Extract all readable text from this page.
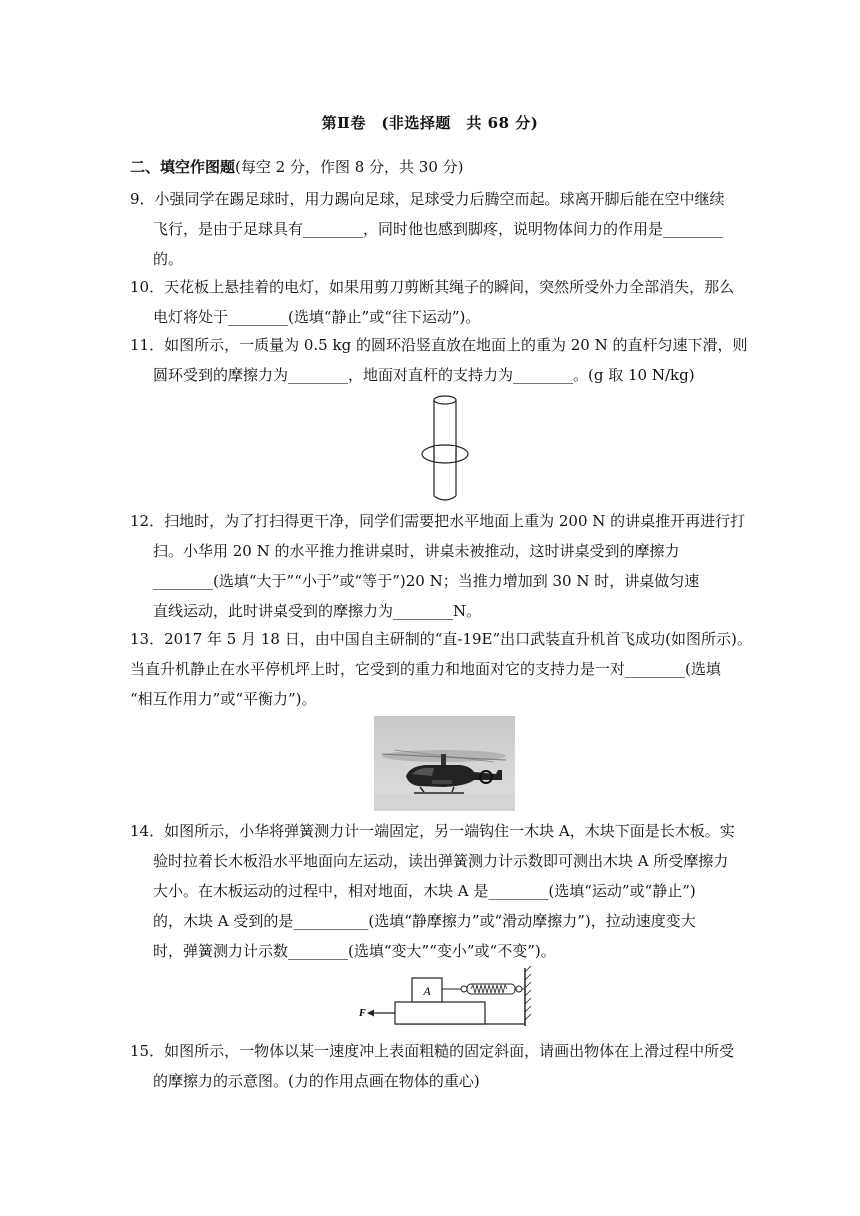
第Ⅱ卷　(非选择题　共 68 分)
二、填空作图题(每空 2 分，作图 8 分，共 30 分)
9．小强同学在踢足球时，用力踢向足球，足球受力后腾空而起。球离开脚后能在空中继续
飞行，是由于足球具有________，同时他也感到脚疼，说明物体间力的作用是________
的。
10．天花板上悬挂着的电灯，如果用剪刀剪断其绳子的瞬间，突然所受外力全部消失，那么
电灯将处于________(选填“静止”或“往下运动”)。
11．如图所示，一质量为 0.5 kg 的圆环沿竖直放在地面上的重为 20 N 的直杆匀速下滑，则
圆环受到的摩擦力为________，地面对直杆的支持力为________。(g 取 10 N/kg)
12．扫地时，为了打扫得更干净，同学们需要把水平地面上重为 200 N 的讲桌推开再进行打
扫。小华用 20 N 的水平推力推讲桌时，讲桌未被推动，这时讲桌受到的摩擦力
________(选填“大于”“小于”或“等于”)20 N；当推力增加到 30 N 时，讲桌做匀速
直线运动，此时讲桌受到的摩擦力为________N。
13．2017 年 5 月 18 日，由中国自主研制的“直-19E”出口武装直升机首飞成功(如图所示)。
当直升机静止在水平停机坪上时，它受到的重力和地面对它的支持力是一对________(选填
“相互作用力”或“平衡力”)。
14．如图所示，小华将弹簧测力计一端固定，另一端钩住一木块 A，木块下面是长木板。实
验时拉着长木板沿水平地面向左运动，读出弹簧测力计示数即可测出木块 A 所受摩擦力
大小。在木板运动的过程中，相对地面，木块 A 是________(选填“运动”或“静止”)
的，木块 A 受到的是__________(选填“静摩擦力”或“滑动摩擦力”)，拉动速度变大
时，弹簧测力计示数________(选填“变大”“变小”或“不变”)。
A
F
15．如图所示，一物体以某一速度冲上表面粗糙的固定斜面，请画出物体在上滑过程中所受
的摩擦力的示意图。(力的作用点画在物体的重心)
